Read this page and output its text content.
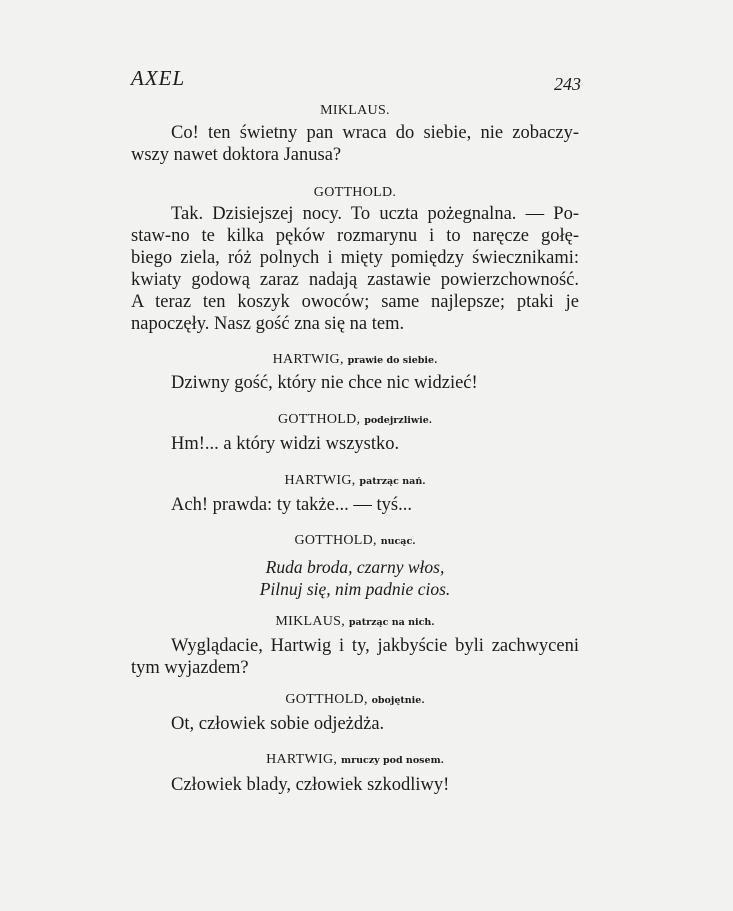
AXEL	243
MIKLAUS.
Co! ten świetny pan wraca do siebie, nie zobaczy-
wszy nawet doktora Janusa?
GOTTHOLD.
Tak. Dzisiejszej nocy. To uczta pożegnalna. — Po-
staw-no te kilka pęków rozmarynu i to naręcze gołę-
biego ziela, róż polnych i mięty pomiędzy świecznikami:
kwiaty godową zaraz nadają zastawie powierzchowność.
A teraz ten koszyk owoców; same najlepsze; ptaki je
napoczęły. Nasz gość zna się na tem.
HARTWIG, prawie do siebie.
Dziwny gość, który nie chce nic widzieć!
GOTTHOLD, podejrzliwie.
Hm!... a który widzi wszystko.
HARTWIG, patrząc nań.
Ach! prawda: ty także... — tyś...
GOTTHOLD, nucąc.
Ruda broda, czarny włos,
Pilnuj się, nim padnie cios.
MIKLAUS, patrząc na nich.
Wyglądacie, Hartwig i ty, jakbyście byli zachwyceni
tym wyjazdem?
GOTTHOLD, obojętnie.
Ot, człowiek sobie odjeżdża.
HARTWIG, mruczy pod nosem.
Człowiek blady, człowiek szkodliwy!
